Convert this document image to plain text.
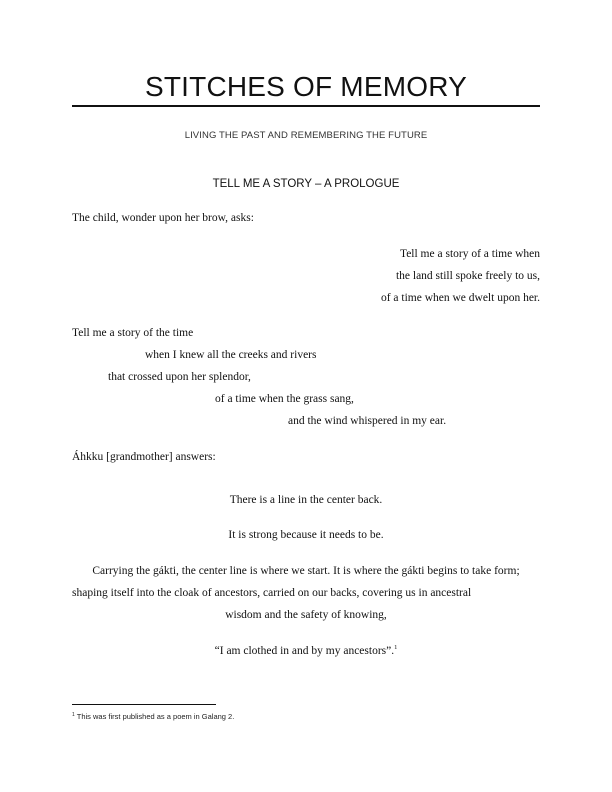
STITCHES OF MEMORY
LIVING THE PAST AND REMEMBERING THE FUTURE
TELL ME A STORY – A PROLOGUE
The child, wonder upon her brow, asks:
Tell me a story of a time when
the land still spoke freely to us,
of a time when we dwelt upon her.
Tell me a story of the time
when I knew all the creeks and rivers
that crossed upon her splendor,
of a time when the grass sang,
and the wind whispered in my ear.
Áhkku [grandmother] answers:
There is a line in the center back.
It is strong because it needs to be.
Carrying the gákti, the center line is where we start. It is where the gákti begins to take form;
shaping itself into the cloak of ancestors, carried on our backs, covering us in ancestral
wisdom and the safety of knowing,
“I am clothed in and by my ancestors”.$^1$
$^1$ This was first published as a poem in Galang 2.
